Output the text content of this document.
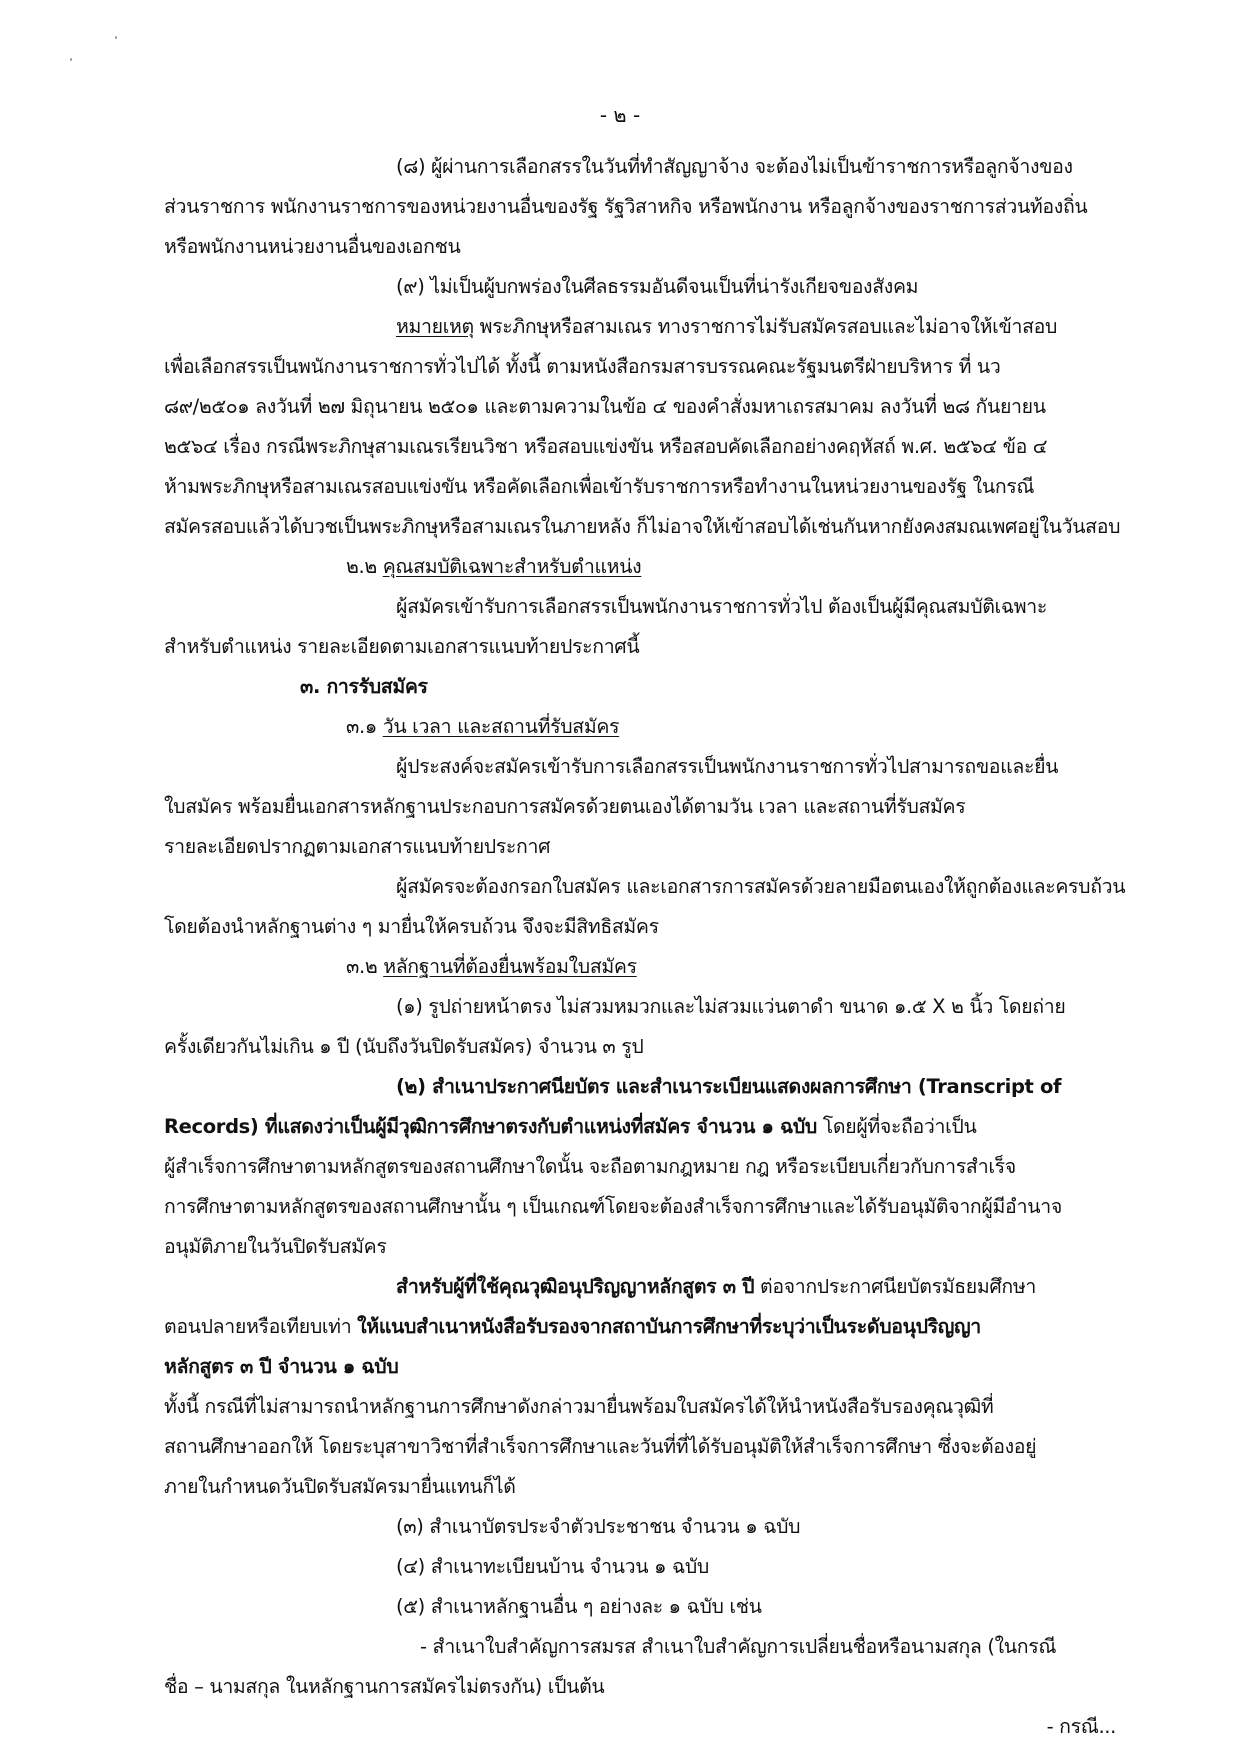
- ๒ -
(๘) ผู้ผ่านการเลือกสรรในวันที่ทำสัญญาจ้าง จะต้องไม่เป็นข้าราชการหรือลูกจ้างของ
ส่วนราชการ พนักงานราชการของหน่วยงานอื่นของรัฐ รัฐวิสาหกิจ หรือพนักงาน หรือลูกจ้างของราชการส่วนท้องถิ่น
หรือพนักงานหน่วยงานอื่นของเอกชน
(๙) ไม่เป็นผู้บกพร่องในศีลธรรมอันดีจนเป็นที่น่ารังเกียจของสังคม
หมายเหตุ พระภิกษุหรือสามเณร ทางราชการไม่รับสมัครสอบและไม่อาจให้เข้าสอบ
เพื่อเลือกสรรเป็นพนักงานราชการทั่วไปได้ ทั้งนี้ ตามหนังสือกรมสารบรรณคณะรัฐมนตรีฝ่ายบริหาร ที่ นว
๘๙/๒๕๐๑ ลงวันที่ ๒๗ มิถุนายน ๒๕๐๑ และตามความในข้อ ๔ ของคำสั่งมหาเถรสมาคม ลงวันที่ ๒๘ กันยายน
๒๕๖๔ เรื่อง กรณีพระภิกษุสามเณรเรียนวิชา หรือสอบแข่งขัน หรือสอบคัดเลือกอย่างคฤหัสถ์ พ.ศ. ๒๕๖๔ ข้อ ๔
ห้ามพระภิกษุหรือสามเณรสอบแข่งขัน หรือคัดเลือกเพื่อเข้ารับราชการหรือทำงานในหน่วยงานของรัฐ ในกรณี
สมัครสอบแล้วได้บวชเป็นพระภิกษุหรือสามเณรในภายหลัง ก็ไม่อาจให้เข้าสอบได้เช่นกันหากยังคงสมณเพศอยู่ในวันสอบ
๒.๒ คุณสมบัติเฉพาะสำหรับตำแหน่ง
ผู้สมัครเข้ารับการเลือกสรรเป็นพนักงานราชการทั่วไป ต้องเป็นผู้มีคุณสมบัติเฉพาะ
สำหรับตำแหน่ง รายละเอียดตามเอกสารแนบท้ายประกาศนี้
๓. การรับสมัคร
๓.๑ วัน เวลา และสถานที่รับสมัคร
ผู้ประสงค์จะสมัครเข้ารับการเลือกสรรเป็นพนักงานราชการทั่วไปสามารถขอและยื่น
ใบสมัคร พร้อมยื่นเอกสารหลักฐานประกอบการสมัครด้วยตนเองได้ตามวัน เวลา และสถานที่รับสมัคร
รายละเอียดปรากฏตามเอกสารแนบท้ายประกาศ
ผู้สมัครจะต้องกรอกใบสมัคร และเอกสารการสมัครด้วยลายมือตนเองให้ถูกต้องและครบถ้วน
โดยต้องนำหลักฐานต่าง ๆ มายื่นให้ครบถ้วน จึงจะมีสิทธิสมัคร
๓.๒ หลักฐานที่ต้องยื่นพร้อมใบสมัคร
(๑) รูปถ่ายหน้าตรง ไม่สวมหมวกและไม่สวมแว่นตาดำ ขนาด ๑.๕ X ๒ นิ้ว โดยถ่าย
ครั้งเดียวกันไม่เกิน ๑ ปี (นับถึงวันปิดรับสมัคร) จำนวน ๓ รูป
(๒) สำเนาประกาศนียบัตร และสำเนาระเบียนแสดงผลการศึกษา (Transcript of
Records) ที่แสดงว่าเป็นผู้มีวุฒิการศึกษาตรงกับตำแหน่งที่สมัคร จำนวน ๑ ฉบับ โดยผู้ที่จะถือว่าเป็น
ผู้สำเร็จการศึกษาตามหลักสูตรของสถานศึกษาใดนั้น จะถือตามกฎหมาย กฎ หรือระเบียบเกี่ยวกับการสำเร็จ
การศึกษาตามหลักสูตรของสถานศึกษานั้น ๆ เป็นเกณฑ์โดยจะต้องสำเร็จการศึกษาและได้รับอนุมัติจากผู้มีอำนาจ
อนุมัติภายในวันปิดรับสมัคร
สำหรับผู้ที่ใช้คุณวุฒิอนุปริญญาหลักสูตร ๓ ปี ต่อจากประกาศนียบัตรมัธยมศึกษา
ตอนปลายหรือเทียบเท่า ให้แนบสำเนาหนังสือรับรองจากสถาบันการศึกษาที่ระบุว่าเป็นระดับอนุปริญญา
หลักสูตร ๓ ปี จำนวน ๑ ฉบับ
ทั้งนี้ กรณีที่ไม่สามารถนำหลักฐานการศึกษาดังกล่าวมายื่นพร้อมใบสมัครได้ให้นำหนังสือรับรองคุณวุฒิที่
สถานศึกษาออกให้ โดยระบุสาขาวิชาที่สำเร็จการศึกษาและวันที่ที่ได้รับอนุมัติให้สำเร็จการศึกษา ซึ่งจะต้องอยู่
ภายในกำหนดวันปิดรับสมัครมายื่นแทนก็ได้
(๓) สำเนาบัตรประจำตัวประชาชน จำนวน ๑ ฉบับ
(๔) สำเนาทะเบียนบ้าน จำนวน ๑ ฉบับ
(๕) สำเนาหลักฐานอื่น ๆ อย่างละ ๑ ฉบับ เช่น
- สำเนาใบสำคัญการสมรส สำเนาใบสำคัญการเปลี่ยนชื่อหรือนามสกุล (ในกรณี
ชื่อ – นามสกุล ในหลักฐานการสมัครไม่ตรงกัน) เป็นต้น
- กรณี...
